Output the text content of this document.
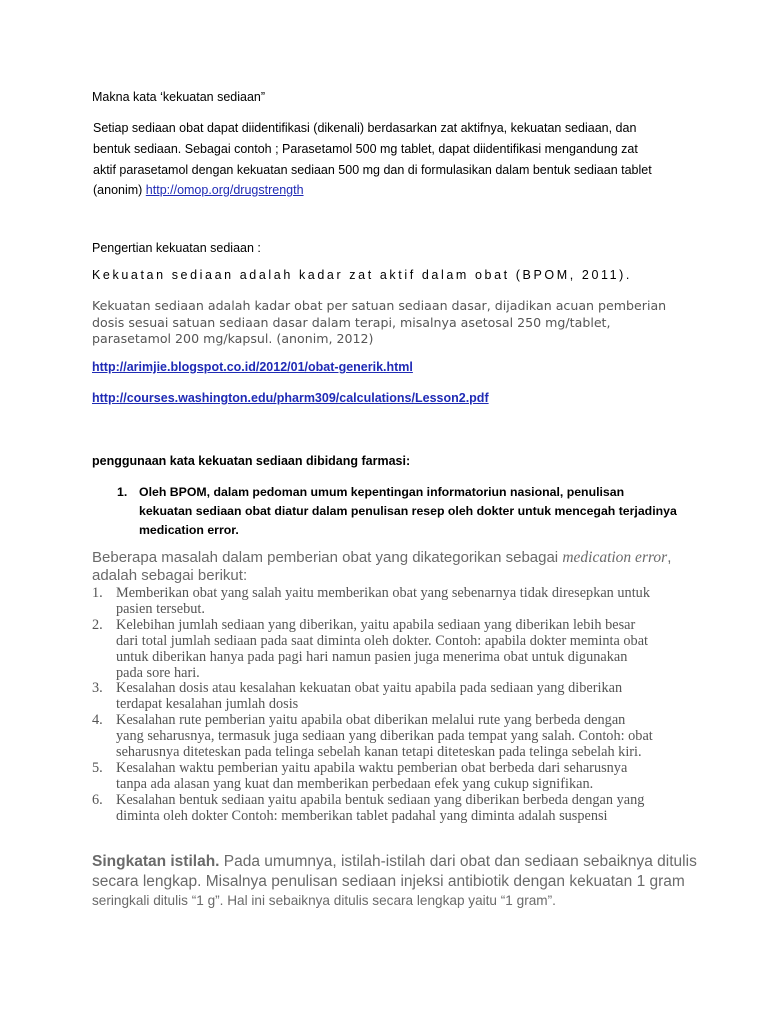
Makna kata ‘kekuatan sediaan”
Setiap sediaan obat dapat diidentifikasi (dikenali) berdasarkan zat aktifnya, kekuatan sediaan, dan
bentuk sediaan. Sebagai contoh ; Parasetamol 500 mg tablet, dapat diidentifikasi mengandung zat
aktif parasetamol dengan kekuatan sediaan 500 mg dan di formulasikan dalam bentuk sediaan tablet
(anonim) http://omop.org/drugstrength
Pengertian kekuatan sediaan :
Kekuatan sediaan adalah kadar zat aktif dalam obat (BPOM, 2011).
Kekuatan sediaan adalah kadar obat per satuan sediaan dasar, dijadikan acuan pemberian
dosis sesuai satuan sediaan dasar dalam terapi, misalnya asetosal 250 mg/tablet,
parasetamol 200 mg/kapsul. (anonim, 2012)
http://arimjie.blogspot.co.id/2012/01/obat-generik.html
http://courses.washington.edu/pharm309/calculations/Lesson2.pdf
penggunaan kata kekuatan sediaan dibidang farmasi:
1. Oleh BPOM, dalam pedoman umum kepentingan informatoriun nasional, penulisan
kekuatan sediaan obat diatur dalam penulisan resep oleh dokter untuk mencegah terjadinya
medication error.
Beberapa masalah dalam pemberian obat yang dikategorikan sebagai medication error,
adalah sebagai berikut:
1. Memberikan obat yang salah yaitu memberikan obat yang sebenarnya tidak diresepkan untuk
pasien tersebut.
2. Kelebihan jumlah sediaan yang diberikan, yaitu apabila sediaan yang diberikan lebih besar
dari total jumlah sediaan pada saat diminta oleh dokter. Contoh: apabila dokter meminta obat
untuk diberikan hanya pada pagi hari namun pasien juga menerima obat untuk digunakan
pada sore hari.
3. Kesalahan dosis atau kesalahan kekuatan obat yaitu apabila pada sediaan yang diberikan
terdapat kesalahan jumlah dosis
4. Kesalahan rute pemberian yaitu apabila obat diberikan melalui rute yang berbeda dengan
yang seharusnya, termasuk juga sediaan yang diberikan pada tempat yang salah. Contoh: obat
seharusnya diteteskan pada telinga sebelah kanan tetapi diteteskan pada telinga sebelah kiri.
5. Kesalahan waktu pemberian yaitu apabila waktu pemberian obat berbeda dari seharusnya
tanpa ada alasan yang kuat dan memberikan perbedaan efek yang cukup signifikan.
6. Kesalahan bentuk sediaan yaitu apabila bentuk sediaan yang diberikan berbeda dengan yang
diminta oleh dokter Contoh: memberikan tablet padahal yang diminta adalah suspensi
Singkatan istilah. Pada umumnya, istilah-istilah dari obat dan sediaan sebaiknya ditulis
secara lengkap. Misalnya penulisan sediaan injeksi antibiotik dengan kekuatan 1 gram
seringkali ditulis “1 g”. Hal ini sebaiknya ditulis secara lengkap yaitu “1 gram”.
